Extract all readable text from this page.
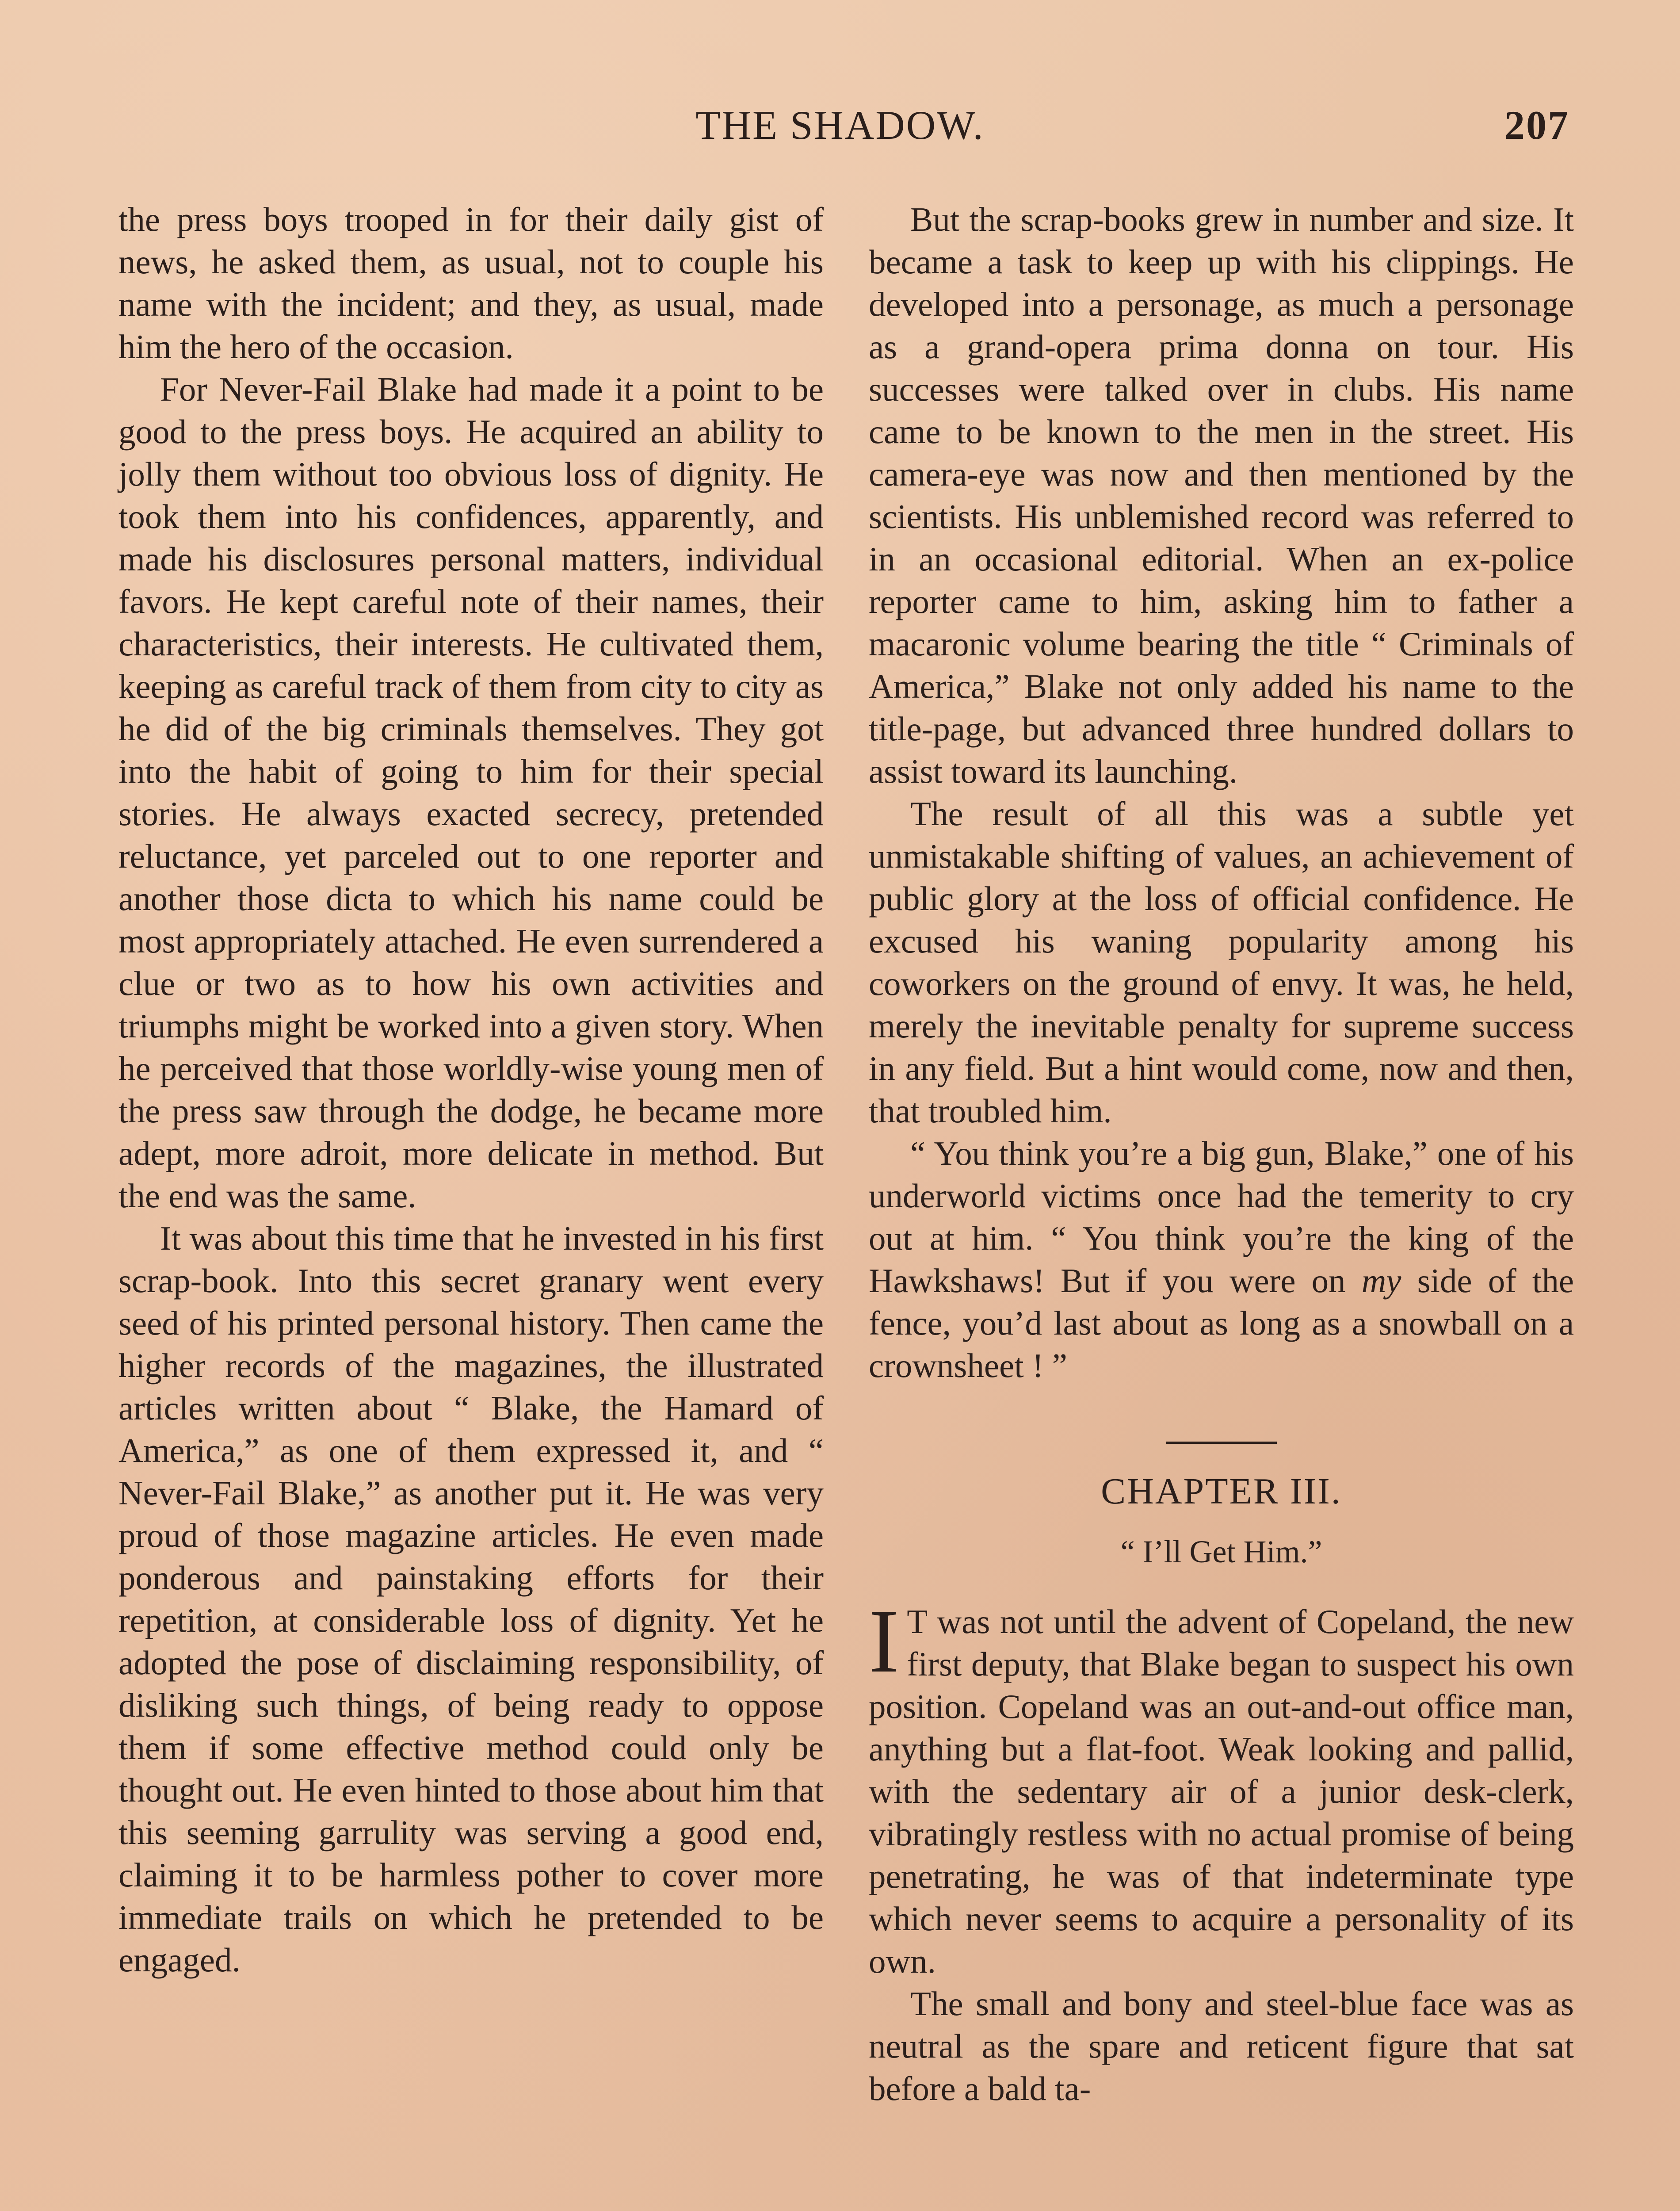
THE SHADOW.	207

the press boys trooped in for their daily gist of news, he asked them, as usual, not to couple his name with the incident; and they, as usual, made him the hero of the occasion.

For Never-Fail Blake had made it a point to be good to the press boys. He acquired an ability to jolly them without too obvious loss of dignity. He took them into his confidences, apparently, and made his disclosures personal matters, individual favors. He kept careful note of their names, their characteristics, their interests. He cultivated them, keeping as careful track of them from city to city as he did of the big criminals themselves. They got into the habit of going to him for their special stories. He always exacted secrecy, pretended reluctance, yet parceled out to one reporter and another those dicta to which his name could be most appropriately attached. He even surrendered a clue or two as to how his own activities and triumphs might be worked into a given story. When he perceived that those worldly-wise young men of the press saw through the dodge, he became more adept, more adroit, more delicate in method. But the end was the same.

It was about this time that he invested in his first scrap-book. Into this secret granary went every seed of his printed personal history. Then came the higher records of the magazines, the illustrated articles written about “ Blake, the Hamard of America,” as one of them expressed it, and “ Never-Fail Blake,” as another put it. He was very proud of those magazine articles. He even made ponderous and painstaking efforts for their repetition, at considerable loss of dignity. Yet he adopted the pose of disclaiming responsibility, of disliking such things, of being ready to oppose them if some effective method could only be thought out. He even hinted to those about him that this seeming garrulity was serving a good end, claiming it to be harmless pother to cover more immediate trails on which he pretended to be engaged.

But the scrap-books grew in number and size. It became a task to keep up with his clippings. He developed into a personage, as much a personage as a grand-opera prima donna on tour. His successes were talked over in clubs. His name came to be known to the men in the street. His camera-eye was now and then mentioned by the scientists. His unblemished record was referred to in an occasional editorial. When an ex-police reporter came to him, asking him to father a macaronic volume bearing the title “ Criminals of America,” Blake not only added his name to the title-page, but advanced three hundred dollars to assist toward its launching.

The result of all this was a subtle yet unmistakable shifting of values, an achievement of public glory at the loss of official confidence. He excused his waning popularity among his coworkers on the ground of envy. It was, he held, merely the inevitable penalty for supreme success in any field. But a hint would come, now and then, that troubled him.

“ You think you’re a big gun, Blake,” one of his underworld victims once had the temerity to cry out at him. “ You think you’re the king of the Hawkshaws! But if you were on my side of the fence, you’d last about as long as a snowball on a crownsheet ! ”

CHAPTER III.
“ I’ll Get Him.”

I T was not until the advent of Copeland, the new first deputy, that Blake began to suspect his own position. Copeland was an out-and-out office man, anything but a flat-foot. Weak looking and pallid, with the sedentary air of a junior desk-clerk, vibratingly restless with no actual promise of being penetrating, he was of that indeterminate type which never seems to acquire a personality of its own.

The small and bony and steel-blue face was as neutral as the spare and reticent figure that sat before a bald ta-
